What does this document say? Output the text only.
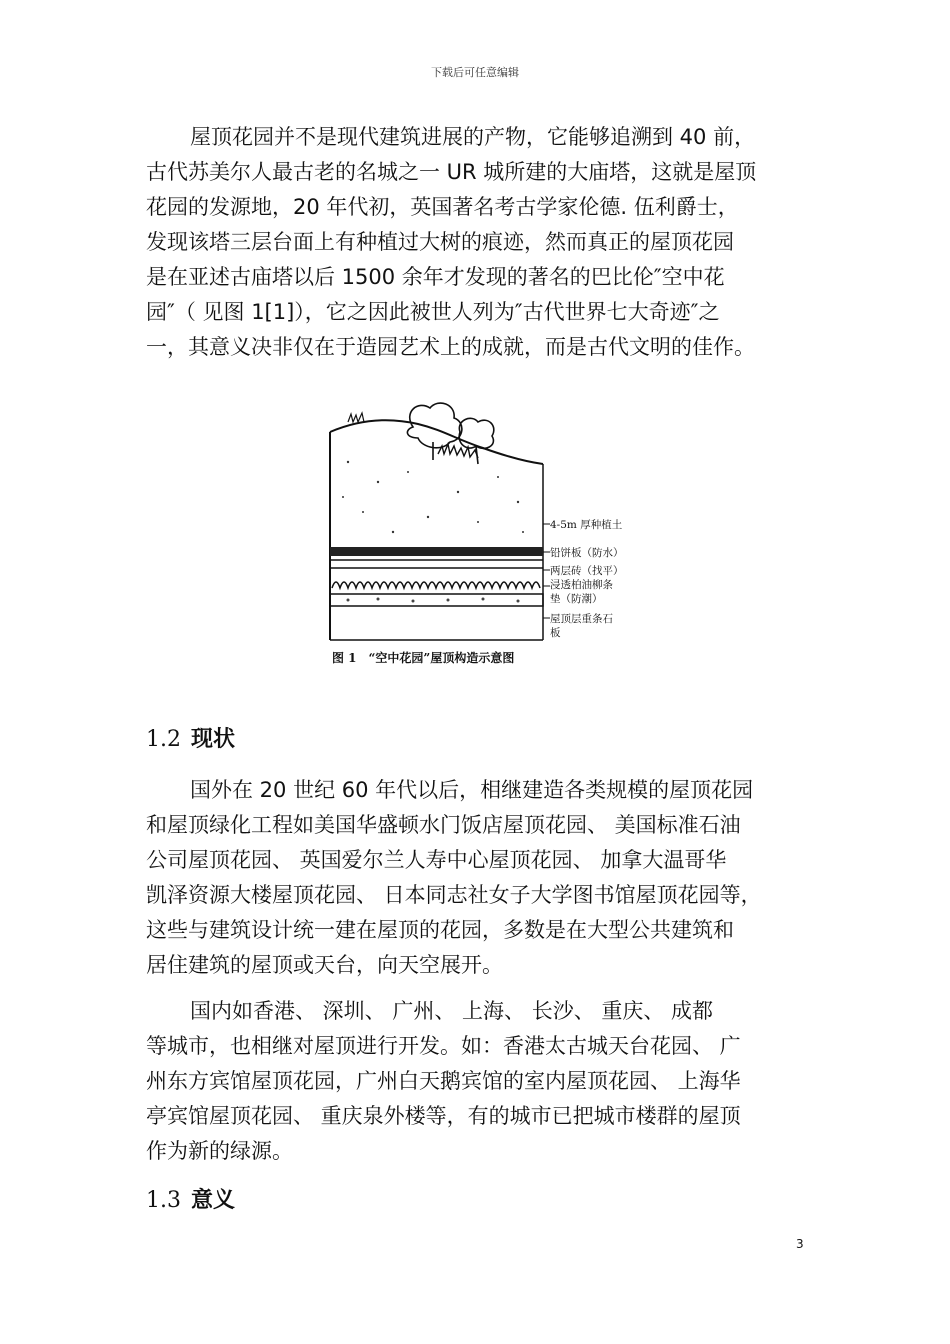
下载后可任意编辑

屋顶花园并不是现代建筑进展的产物，它能够追溯到 40 前，
古代苏美尔人最古老的名城之一 UR 城所建的大庙塔，这就是屋顶
花园的发源地，20 年代初，英国著名考古学家伦德. 伍利爵士，
发现该塔三层台面上有种植过大树的痕迹，然而真正的屋顶花园
是在亚述古庙塔以后 1500 余年才发现的著名的巴比伦″空中花
园″（ 见图 1[1]），它之因此被世人列为″古代世界七大奇迹″之
一，其意义决非仅在于造园艺术上的成就，而是古代文明的佳作。

4-5m 厚种植土
铅饼板（防水）
两层砖（找平）
浸透柏油柳条
垫（防潮）
屋顶层重条石
板
图 1　“空中花园”屋顶构造示意图
1.2 现状

国外在 20 世纪 60 年代以后，相继建造各类规模的屋顶花园
和屋顶绿化工程如美国华盛顿水门饭店屋顶花园、 美国标准石油
公司屋顶花园、 英国爱尔兰人寿中心屋顶花园、 加拿大温哥华
凯泽资源大楼屋顶花园、 日本同志社女子大学图书馆屋顶花园等，
这些与建筑设计统一建在屋顶的花园，多数是在大型公共建筑和
居住建筑的屋顶或天台，向天空展开。

国内如香港、 深圳、 广州、 上海、 长沙、 重庆、 成都
等城市，也相继对屋顶进行开发。如：香港太古城天台花园、 广
州东方宾馆屋顶花园，广州白天鹅宾馆的室内屋顶花园、 上海华
亭宾馆屋顶花园、 重庆泉外楼等，有的城市已把城市楼群的屋顶
作为新的绿源。

1.3 意义
3
